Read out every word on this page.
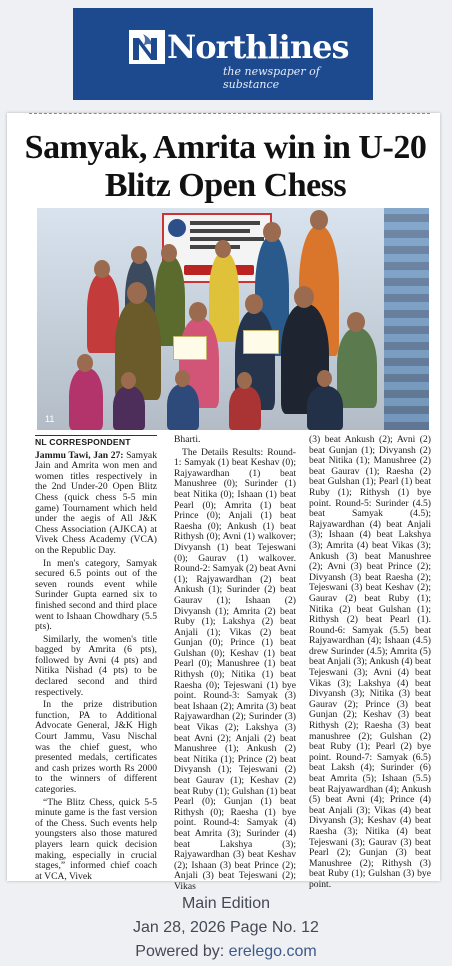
Northlines
the newspaper of substance
Samyak, Amrita win in U-20 Blitz Open Chess
11
NL CORRESPONDENT

Jammu Tawi, Jan 27: Samyak Jain and Amrita won men and women titles respectively in the 2nd Under-20 Open Blitz Chess (quick chess 5-5 min game) Tournament which held under the aegis of All J&K Chess Association (AJKCA) at Vivek Chess Academy (VCA) on the Republic Day.

In men's category, Samyak secured 6.5 points out of the seven rounds event while Surinder Gupta earned six to finished second and third place went to Ishaan Chowdhary (5.5 pts).

Similarly, the women's title bagged by Amrita (6 pts), followed by Avni (4 pts) and Nitika Nishad (4 pts) to be declared second and third respectively.

In the prize distribution function, PA to Additional Advocate General, J&K High Court Jammu, Vasu Nischal was the chief guest, who presented medals, certificates and cash prizes worth Rs 2000 to the winners of different categories.

“The Blitz Chess, quick 5-5 minute game is the fast version of the Chess. Such events help youngsters also those matured players learn quick decision making, especially in crucial stages,” informed chief coach at VCA, Vivek

Bharti.

The Details Results: Round-1: Samyak (1) beat Keshav (0); Rajyawardhan (1) beat Manushree (0); Surinder (1) beat Nitika (0); Ishaan (1) beat Pearl (0); Amrita (1) beat Prince (0); Anjali (1) beat Raesha (0); Ankush (1) beat Rithysh (0); Avni (1) walkover; Divyansh (1) beat Tejeswani (0); Gaurav (1) walkover. Round-2: Samyak (2) beat Avni (1); Rajyawardhan (2) beat Ankush (1); Surinder (2) beat Gaurav (1); Ishaan (2) Divyansh (1); Amrita (2) beat Ruby (1); Lakshya (2) beat Anjali (1); Vikas (2) beat Gunjan (0); Prince (1) beat Gulshan (0); Keshav (1) beat Pearl (0); Manushree (1) beat Rithysh (0); Nitika (1) beat Raesha (0); Tejeswani (1) bye point. Round-3: Samyak (3) beat Ishaan (2); Amrita (3) beat Rajyawardhan (2); Surinder (3) beat Vikas (2); Lakshya (3) beat Avni (2); Anjali (2) beat Manushree (1); Ankush (2) beat Nitika (1); Prince (2) beat Divyansh (1); Tejeswani (2) beat Gaurav (1); Keshav (2) beat Ruby (1); Gulshan (1) beat Pearl (0); Gunjan (1) beat Rithysh (0); Raesha (1) bye point. Round-4: Samyak (4) beat Amrita (3); Surinder (4) beat Lakshya (3); Rajyawardhan (3) beat Keshav (2); Ishaan (3) beat Prince (2); Anjali (3) beat Tejeswani (2); Vikas

(3) beat Ankush (2); Avni (2) beat Gunjan (1); Divyansh (2) beat Nitika (1); Manushree (2) beat Gaurav (1); Raesha (2) beat Gulshan (1); Pearl (1) beat Ruby (1); Rithysh (1) bye point. Round-5: Surinder (4.5) beat Samyak (4.5); Rajyawardhan (4) beat Anjali (3); Ishaan (4) beat Lakshya (3); Amrita (4) beat Vikas (3); Ankush (3) beat Manushree (2); Avni (3) beat Prince (2); Divyansh (3) beat Raesha (2); Tejeswani (3) beat Keshav (2); Gaurav (2) beat Ruby (1); Nitika (2) beat Gulshan (1); Rithysh (2) beat Pearl (1). Round-6: Samyak (5.5) beat Rajyawardhan (4); Ishaan (4.5) drew Surinder (4.5); Amrita (5) beat Anjali (3); Ankush (4) beat Tejeswani (3); Avni (4) beat Vikas (3); Lakshya (4) beat Divyansh (3); Nitika (3) beat Gaurav (2); Prince (3) beat Gunjan (2); Keshav (3) beat Rithysh (2); Raesha (3) beat manushree (2); Gulshan (2) beat Ruby (1); Pearl (2) bye point. Round-7: Samyak (6.5) beat Laksh (4); Surinder (6) beat Amrita (5); Ishaan (5.5) beat Rajyawardhan (4); Ankush (5) beat Avni (4); Prince (4) beat Anjali (3); Vikas (4) beat Divyansh (3); Keshav (4) beat Raesha (3); Nitika (4) beat Tejeswani (3); Gaurav (3) beat Pearl (2); Gunjan (3) beat Manushree (2); Rithysh (3) beat Ruby (1); Gulshan (3) bye point.

Main Edition
Jan 28, 2026 Page No. 12
Powered by: erelego.com
